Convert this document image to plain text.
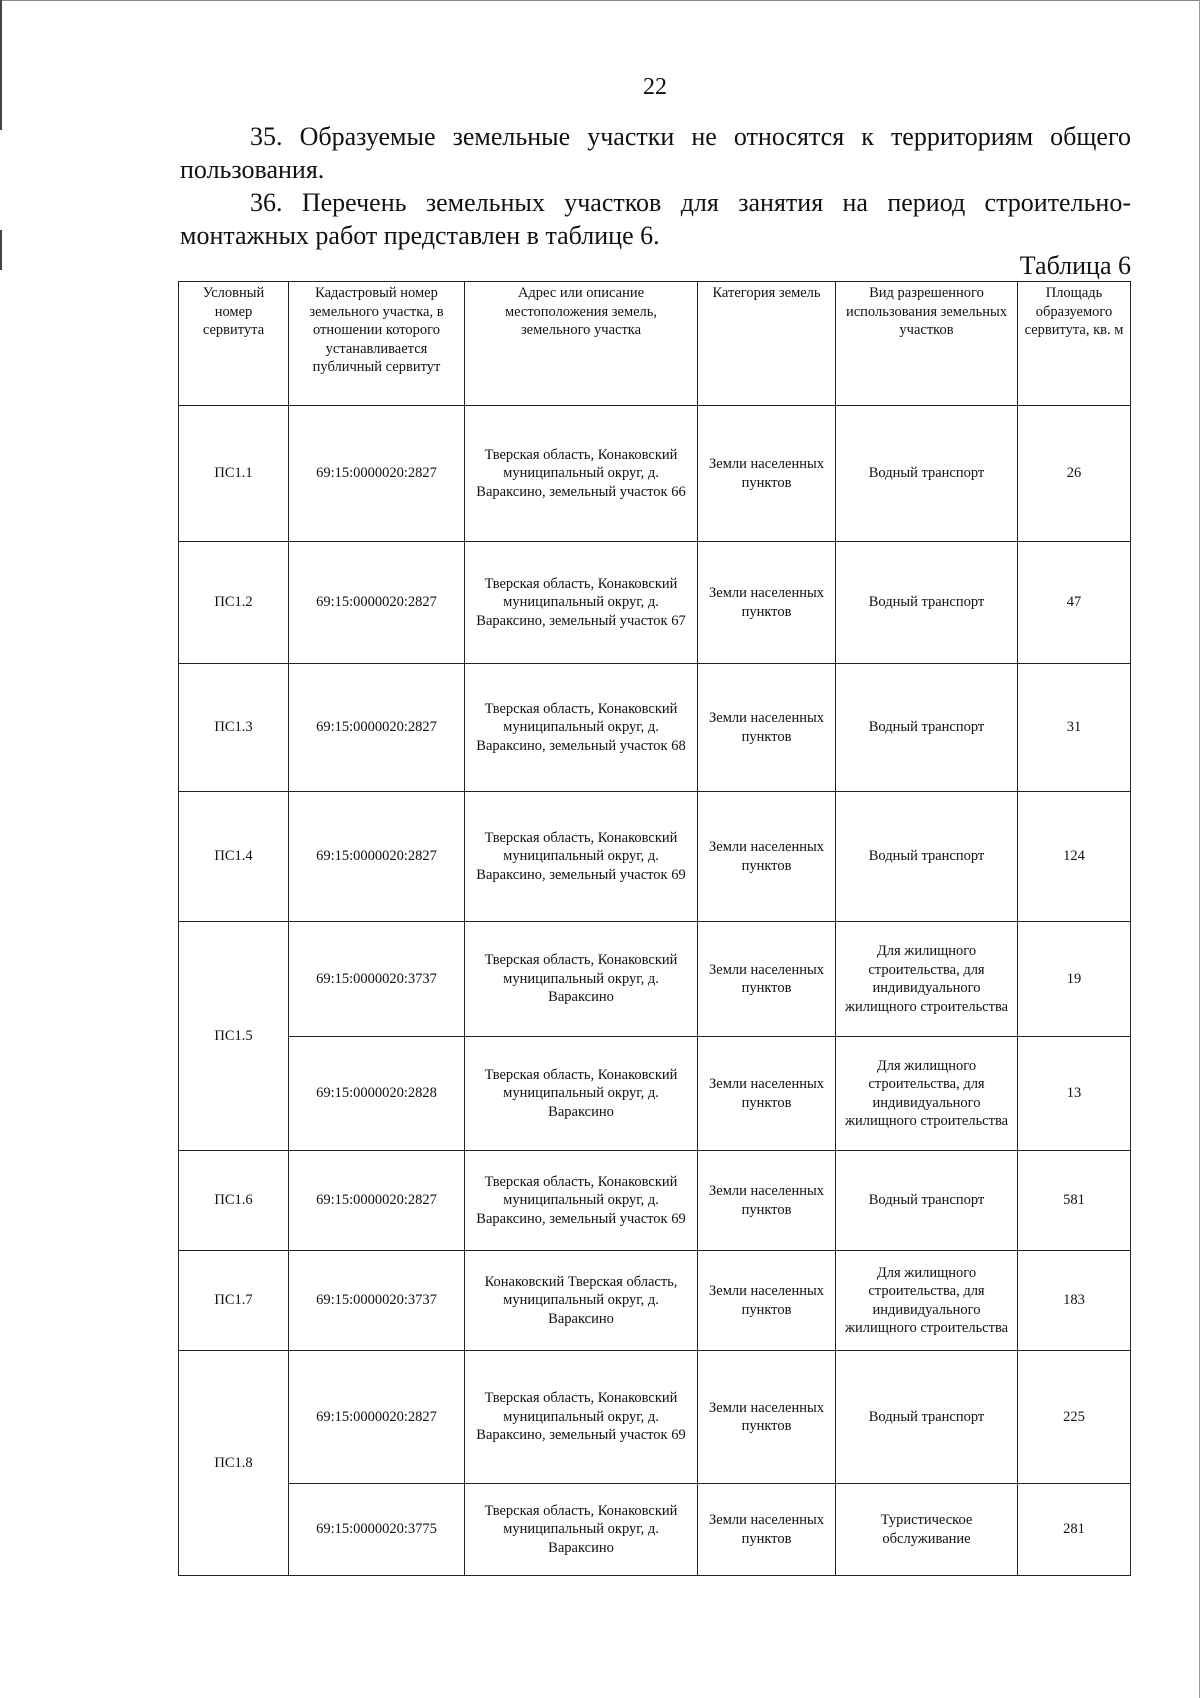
22
35. Образуемые земельные участки не относятся к территориям общего
пользования.
36. Перечень земельных участков для занятия на период строительно-
монтажных работ представлен в таблице 6.
Таблица 6
Условный номер сервитута	Кадастровый номер земельного участка, в отношении которого устанавливается публичный сервитут	Адрес или описание местоположения земель, земельного участка	Категория земель	Вид разрешенного использования земельных участков	Площадь образуемого сервитута, кв. м
ПС1.1	69:15:0000020:2827	Тверская область, Конаковский муниципальный округ, д. Вараксино, земельный участок 66	Земли населенных пунктов	Водный транспорт	26
ПС1.2	69:15:0000020:2827	Тверская область, Конаковский муниципальный округ, д. Вараксино, земельный участок 67	Земли населенных пунктов	Водный транспорт	47
ПС1.3	69:15:0000020:2827	Тверская область, Конаковский муниципальный округ, д. Вараксино, земельный участок 68	Земли населенных пунктов	Водный транспорт	31
ПС1.4	69:15:0000020:2827	Тверская область, Конаковский муниципальный округ, д. Вараксино, земельный участок 69	Земли населенных пунктов	Водный транспорт	124
ПС1.5	69:15:0000020:3737	Тверская область, Конаковский муниципальный округ, д. Вараксино	Земли населенных пунктов	Для жилищного строительства, для индивидуального жилищного строительства	19
	69:15:0000020:2828	Тверская область, Конаковский муниципальный округ, д. Вараксино	Земли населенных пунктов	Для жилищного строительства, для индивидуального жилищного строительства	13
ПС1.6	69:15:0000020:2827	Тверская область, Конаковский муниципальный округ, д. Вараксино, земельный участок 69	Земли населенных пунктов	Водный транспорт	581
ПС1.7	69:15:0000020:3737	Конаковский Тверская область, муниципальный округ, д. Вараксино	Земли населенных пунктов	Для жилищного строительства, для индивидуального жилищного строительства	183
ПС1.8	69:15:0000020:2827	Тверская область, Конаковский муниципальный округ, д. Вараксино, земельный участок 69	Земли населенных пунктов	Водный транспорт	225
	69:15:0000020:3775	Тверская область, Конаковский муниципальный округ, д. Вараксино	Земли населенных пунктов	Туристическое обслуживание	281
